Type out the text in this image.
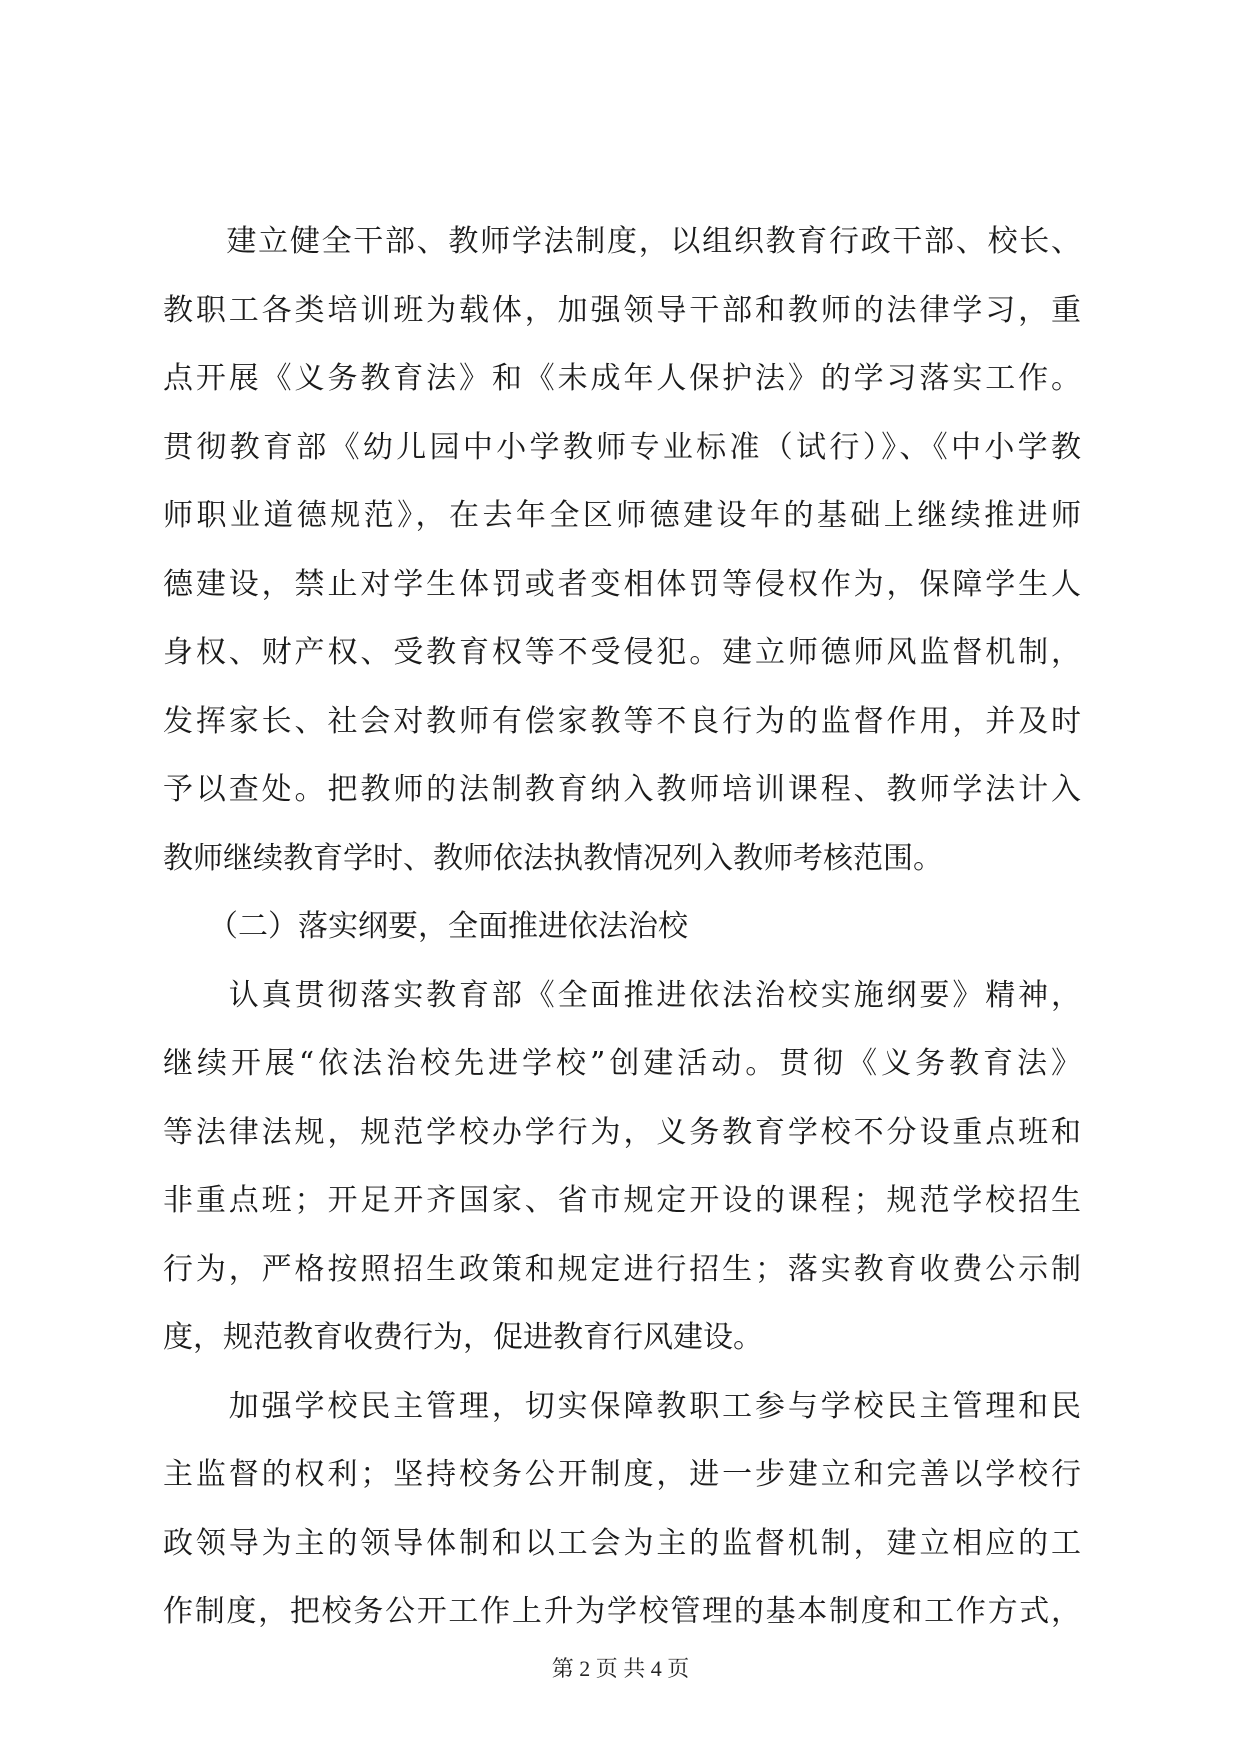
　　建立健全干部、教师学法制度，以组织教育行政干部、校长、
教职工各类培训班为载体，加强领导干部和教师的法律学习，重
点开展《义务教育法》和《未成年人保护法》的学习落实工作。
贯彻教育部《幼儿园中小学教师专业标准（试行）》、《中小学教
师职业道德规范》，在去年全区师德建设年的基础上继续推进师
德建设，禁止对学生体罚或者变相体罚等侵权作为，保障学生人
身权、财产权、受教育权等不受侵犯。建立师德师风监督机制，
发挥家长、社会对教师有偿家教等不良行为的监督作用，并及时
予以查处。把教师的法制教育纳入教师培训课程、教师学法计入
教师继续教育学时、教师依法执教情况列入教师考核范围。
　　（二）落实纲要，全面推进依法治校
　　认真贯彻落实教育部《全面推进依法治校实施纲要》精神，
继续开展“依法治校先进学校”创建活动。贯彻《义务教育法》
等法律法规，规范学校办学行为，义务教育学校不分设重点班和
非重点班；开足开齐国家、省市规定开设的课程；规范学校招生
行为，严格按照招生政策和规定进行招生；落实教育收费公示制
度，规范教育收费行为，促进教育行风建设。
　　加强学校民主管理，切实保障教职工参与学校民主管理和民
主监督的权利；坚持校务公开制度，进一步建立和完善以学校行
政领导为主的领导体制和以工会为主的监督机制，建立相应的工
作制度，把校务公开工作上升为学校管理的基本制度和工作方式，
第 2 页 共 4 页
